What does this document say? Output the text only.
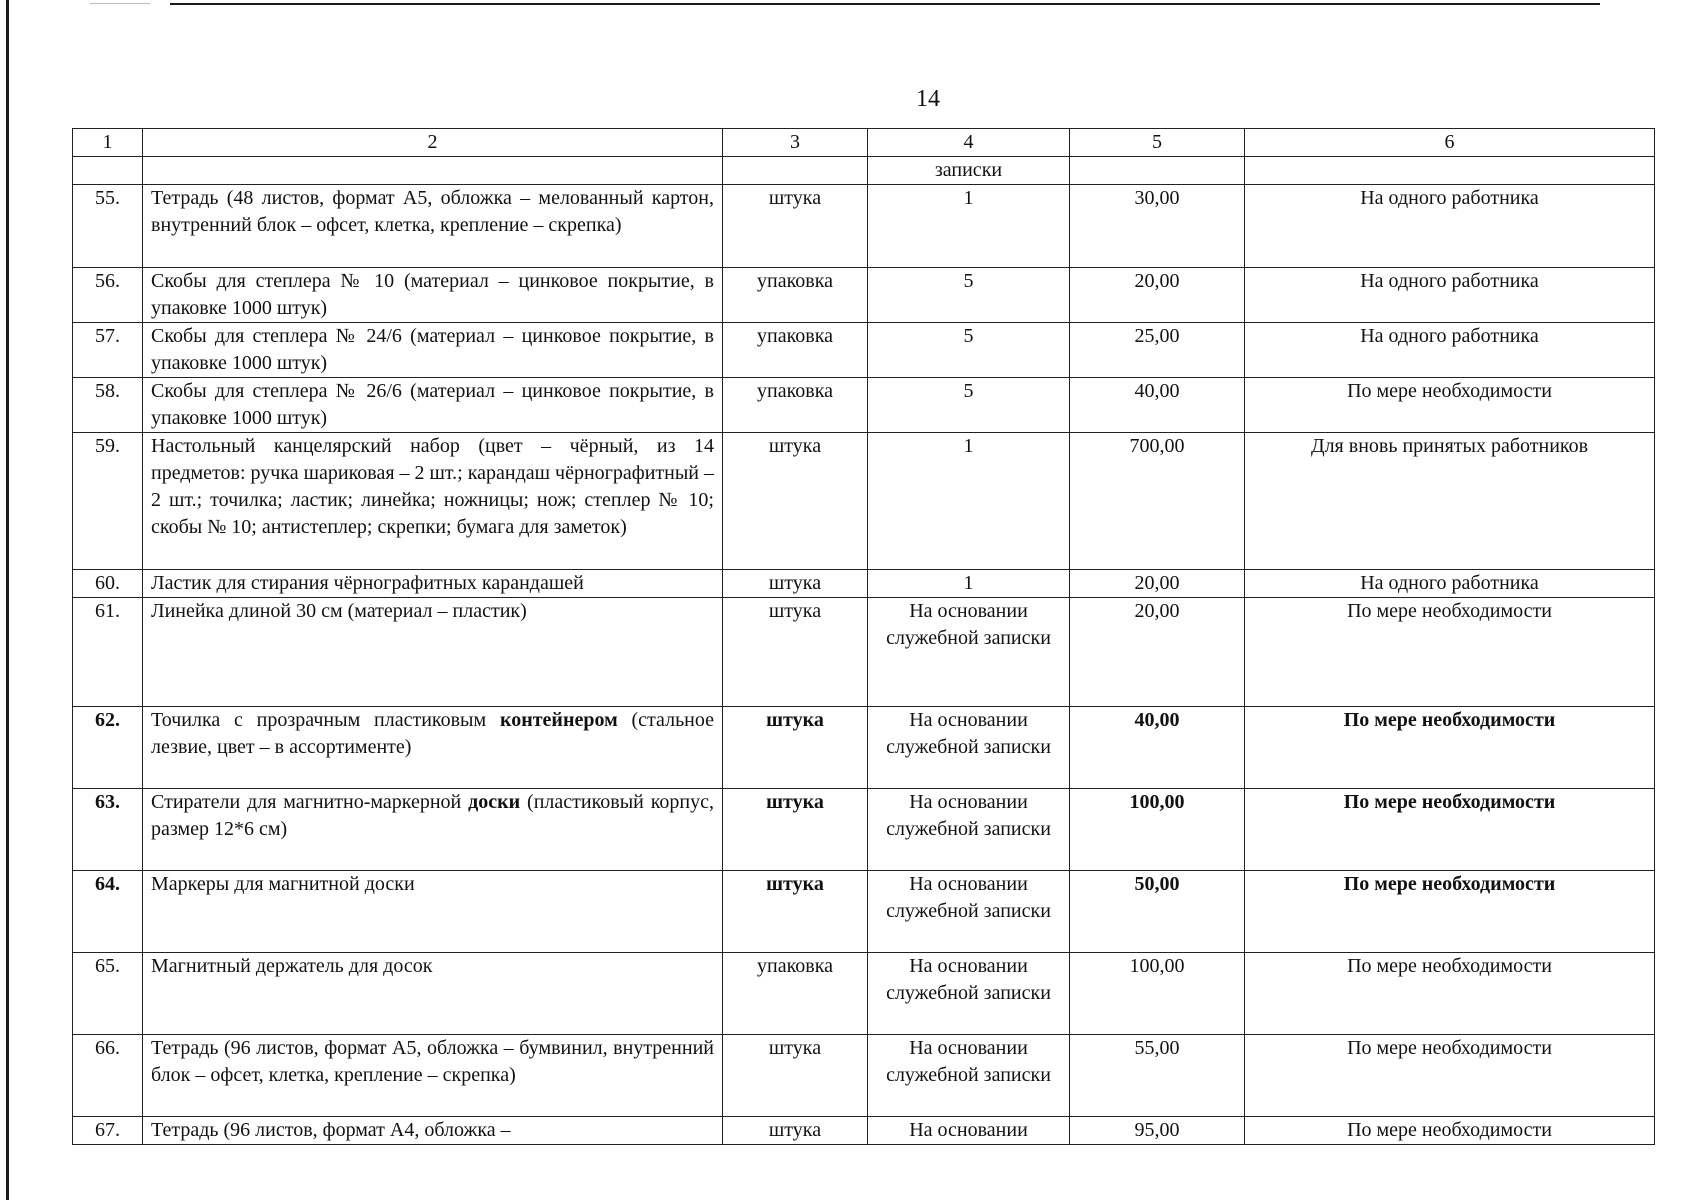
14
1	2	3	4	5	6
			записки		
55.	Тетрадь (48 листов, формат А5, обложка – мелованный картон, внутренний блок – офсет, клетка, крепление – скрепка)	штука	1	30,00	На одного работника
56.	Скобы для степлера № 10 (материал – цинковое покрытие, в упаковке 1000 штук)	упаковка	5	20,00	На одного работника
57.	Скобы для степлера № 24/6 (материал – цинковое покрытие, в упаковке 1000 штук)	упаковка	5	25,00	На одного работника
58.	Скобы для степлера № 26/6 (материал – цинковое покрытие, в упаковке 1000 штук)	упаковка	5	40,00	По мере необходимости
59.	Настольный канцелярский набор (цвет – чёрный, из 14 предметов: ручка шариковая – 2 шт.; карандаш чёрнографитный – 2 шт.; точилка; ластик; линейка; ножницы; нож; степлер № 10; скобы № 10; антистеплер; скрепки; бумага для заметок)	штука	1	700,00	Для вновь принятых работников
60.	Ластик для стирания чёрнографитных карандашей	штука	1	20,00	На одного работника
61.	Линейка длиной 30 см (материал – пластик)	штука	На основании служебной записки	20,00	По мере необходимости
62.	Точилка с прозрачным пластиковым контейнером (стальное лезвие, цвет – в ассортименте)	штука	На основании служебной записки	40,00	По мере необходимости
63.	Стиратели для магнитно-маркерной доски (пластиковый корпус, размер 12*6 см)	штука	На основании служебной записки	100,00	По мере необходимости
64.	Маркеры для магнитной доски	штука	На основании служебной записки	50,00	По мере необходимости
65.	Магнитный держатель для досок	упаковка	На основании служебной записки	100,00	По мере необходимости
66.	Тетрадь (96 листов, формат А5, обложка – бумвинил, внутренний блок – офсет, клетка, крепление – скрепка)	штука	На основании служебной записки	55,00	По мере необходимости
67.	Тетрадь (96 листов, формат А4, обложка –	штука	На основании	95,00	По мере необходимости
